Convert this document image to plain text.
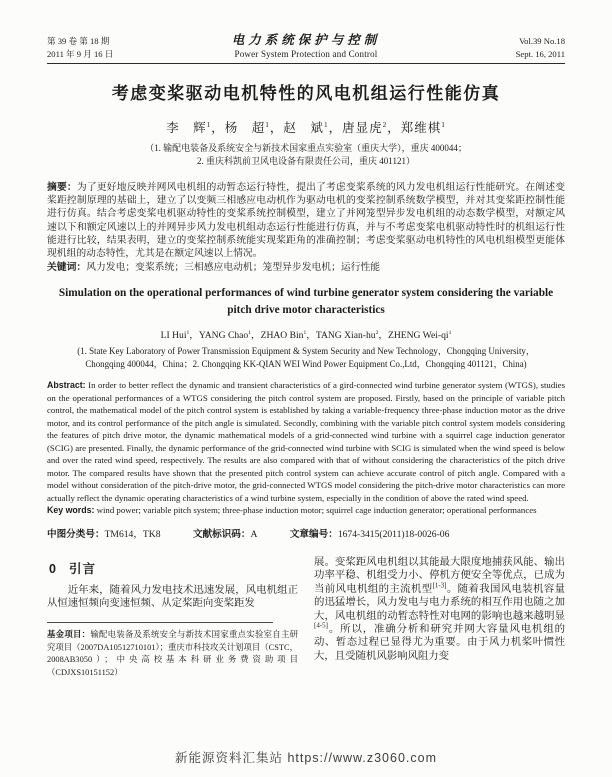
第 39 卷 第 18 期
2011 年 9 月 16 日
电力系统保护与控制
Power System Protection and Control
Vol.39 No.18
Sept. 16, 2011
考虑变桨驱动电机特性的风电机组运行性能仿真
李　辉$^1$，杨　超$^1$，赵　斌$^1$，唐显虎$^2$，郑维棋$^1$
（1. 输配电装备及系统安全与新技术国家重点实验室（重庆大学），重庆 400044；
2. 重庆科凯前卫风电设备有限责任公司，重庆 401121）
摘要：为了更好地反映并网风电机组的动暂态运行特性，提出了考虑变桨系统的风力发电机组运行性能研究。在阐述变桨距控制原理的基础上，建立了以变频三相感应电动机作为驱动电机的变桨控制系统数学模型，并对其变桨距控制性能进行仿真。结合考虑变桨电机驱动特性的变桨系统控制模型，建立了并网笼型异步发电机组的动态数学模型，对额定风速以下和额定风速以上的并网异步风力发电机组动态运行性能进行仿真，并与不考虑变桨电机驱动特性时的机组运行性能进行比较，结果表明，建立的变桨控制系统能实现桨距角的准确控制；考虑变桨驱动电机特性的风电机组模型更能体现机组的动态特性，尤其是在额定风速以上情况。
关键词：风力发电；变桨系统；三相感应电动机；笼型异步发电机；运行性能
Simulation on the operational performances of wind turbine generator system considering the variable pitch drive motor characteristics
LI Hui$^1$，YANG Chao$^1$，ZHAO Bin$^1$，TANG Xian-$hu^2$，ZHENG Wei-$qi^1$
(1. State Key Laboratory of Power Transmission Equipment & System Security and New Technology，Chongqing University，
Chongqing 400044，China；2. Chongqing KK-QIAN WEI Wind Power Equipment Co.,Ltd，Chongqing 401121，China)
Abstract: In order to better reflect the dynamic and transient characteristics of a gird-connected wind turbine generator system (WTGS), studies on the operational performances of a WTGS considering the pitch control system are proposed. Firstly, based on the principle of variable pitch control, the mathematical model of the pitch control system is established by taking a variable-frequency three-phase induction motor as the drive motor, and its control performance of the pitch angle is simulated. Secondly, combining with the variable pitch control system models considering the features of pitch drive motor, the dynamic mathematical models of a grid-connected wind turbine with a squirrel cage induction generator (SCIG) are presented. Finally, the dynamic performance of the grid-connected wind turbine with SCIG is simulated when the wind speed is below and over the rated wind speed, respectively. The results are also compared with that of without considering the characteristics of the pitch drive motor. The compared results have shown that the presented pitch control system can achieve accurate control of pitch angle. Compared with a model without consideration of the pitch-drive motor, the grid-connected WTGS model considering the pitch-drive motor characteristics can more actually reflect the dynamic operating characteristics of a wind turbine system, especially in the condition of above the rated wind speed.
Key words: wind power; variable pitch system; three-phase induction motor; squirrel cage induction generator; operational performances
中图分类号：TM614，TK8	文献标识码：A	文章编号：1674-3415(2011)18-0026-06
0 引言
近年来，随着风力发电技术迅速发展，风电机组正从恒速恒频向变速恒频、从定桨距向变桨距发
基金项目：输配电装备及系统安全与新技术国家重点实验室自主研究项目（2007DA10512710101）；重庆市科技攻关计划项目（CSTC，2008AB3050）；中央高校基本科研业务费资助项目（CDJXS10151152）
展。变桨距风电机组以其能最大限度地捕获风能、输出功率平稳、机组受力小、停机方便安全等优点，已成为当前风电机组的主流机型[1-3]。随着我国风电装机容量的迅猛增长，风力发电与电力系统的相互作用也随之加大，风电机组的动暂态特性对电网的影响也越来越明显[4-5]。所以，准确分析和研究并网大容量风电机组的动、暂态过程已显得尤为重要。由于风力机桨叶惯性大，且受随机风影响风阻力变
新能源资料汇集站 https://www.z3060.com
